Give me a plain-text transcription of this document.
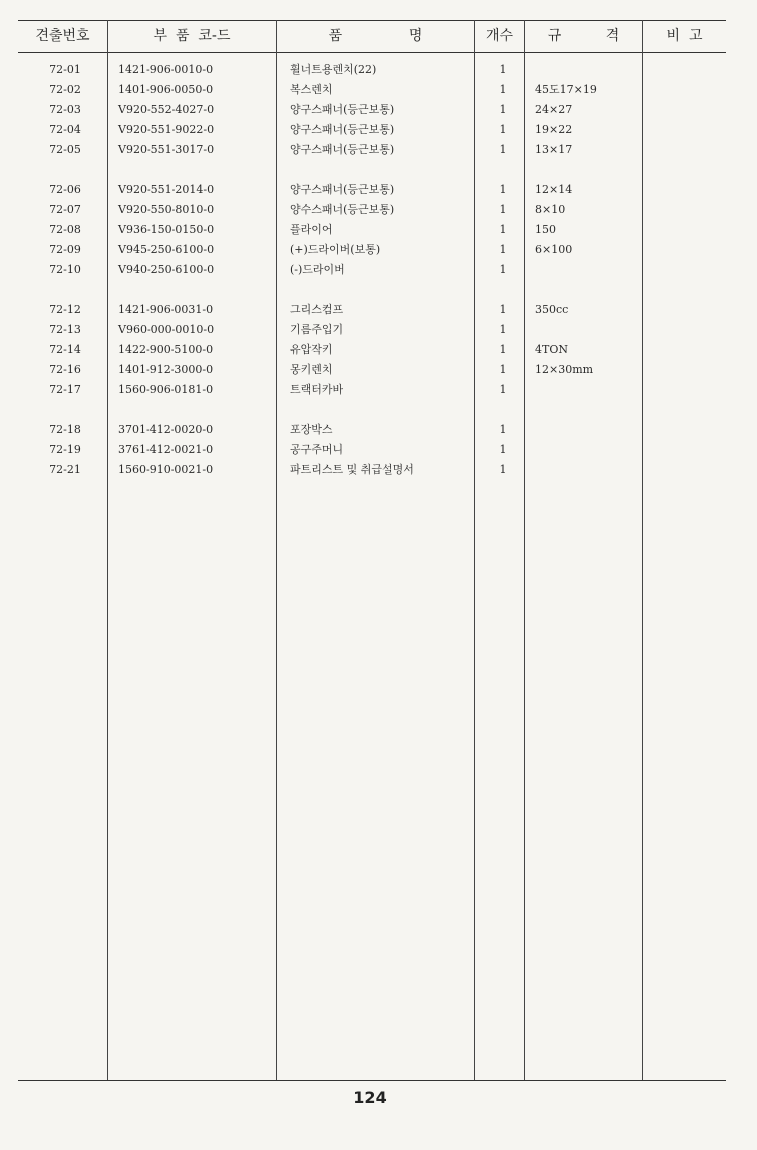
견출번호	부  품  코-드	품               명	개수	규          격	비  고
72-01	1421-906-0010-0	휠너트용렌치(22)	1
72-02	1401-906-0050-0	복스렌치	1	45도17×19
72-03	V920-552-4027-0	양구스패너(등근보통)	1	24×27
72-04	V920-551-9022-0	양구스패너(등근보통)	1	19×22
72-05	V920-551-3017-0	양구스패너(등근보통)	1	13×17
72-06	V920-551-2014-0	양구스패너(등근보통)	1	12×14
72-07	V920-550-8010-0	양수스패너(등근보통)	1	8×10
72-08	V936-150-0150-0	플라이어	1	150
72-09	V945-250-6100-0	(+)드라이버(보통)	1	6×100
72-10	V940-250-6100-0	(-)드라이버	1
72-12	1421-906-0031-0	그리스컴프	1	350cc
72-13	V960-000-0010-0	기름주입기	1
72-14	1422-900-5100-0	유압작키	1	4TON
72-16	1401-912-3000-0	몽키렌치	1	12×30mm
72-17	1560-906-0181-0	트랙터카바	1
72-18	3701-412-0020-0	포장박스	1
72-19	3761-412-0021-0	공구주머니	1
72-21	1560-910-0021-0	파트리스트 및 취급설명서	1
124
